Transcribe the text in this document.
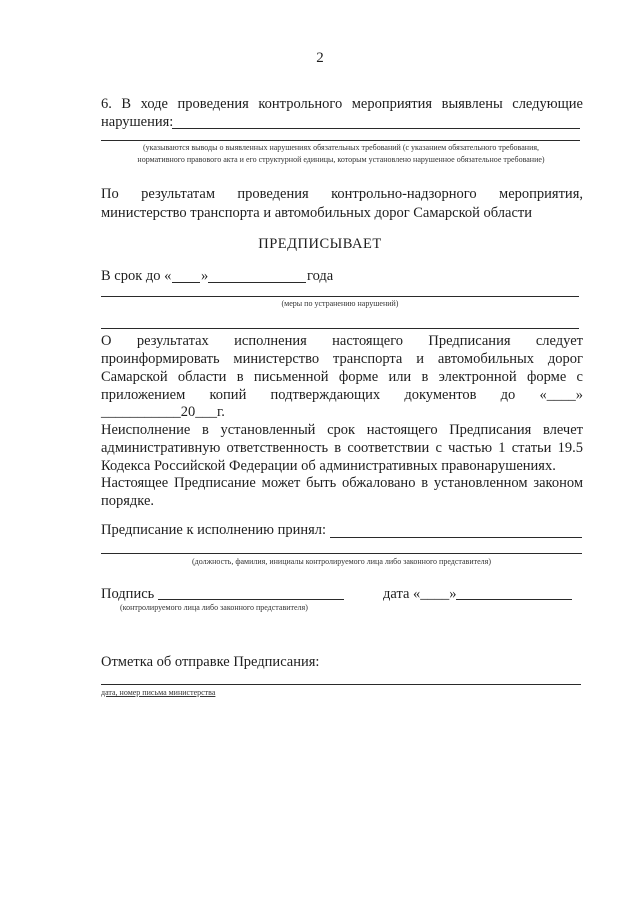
2
6. В ходе проведения контрольного мероприятия выявлены следующие
нарушения:
(указываются выводы о выявленных нарушениях обязательных требований (с указанием обязательного требования,
нормативного правового акта и его структурной единицы, которым установлено нарушенное обязательное требование)
По результатам проведения контрольно-надзорного мероприятия,
министерство транспорта и автомобильных дорог Самарской области
ПРЕДПИСЫВАЕТ
В срок до « »	года
(меры по устранению нарушений)
О результатах исполнения настоящего Предписания следует
проинформировать министерство транспорта и автомобильных дорог
Самарской области в письменной форме или в электронной форме с
приложением копий подтверждающих документов до «____»
___________20___г.
Неисполнение в установленный срок настоящего Предписания влечет
административную ответственность в соответствии с частью 1 статьи 19.5
Кодекса Российской Федерации об административных правонарушениях.
Настоящее Предписание может быть обжаловано в установленном законом
порядке.
Предписание к исполнению принял:
(должность, фамилия, инициалы контролируемого лица либо законного представителя)
Подпись
(контролируемого лица либо законного представителя)
дата «____»
Отметка об отправке Предписания:
дата, номер письма министерства
